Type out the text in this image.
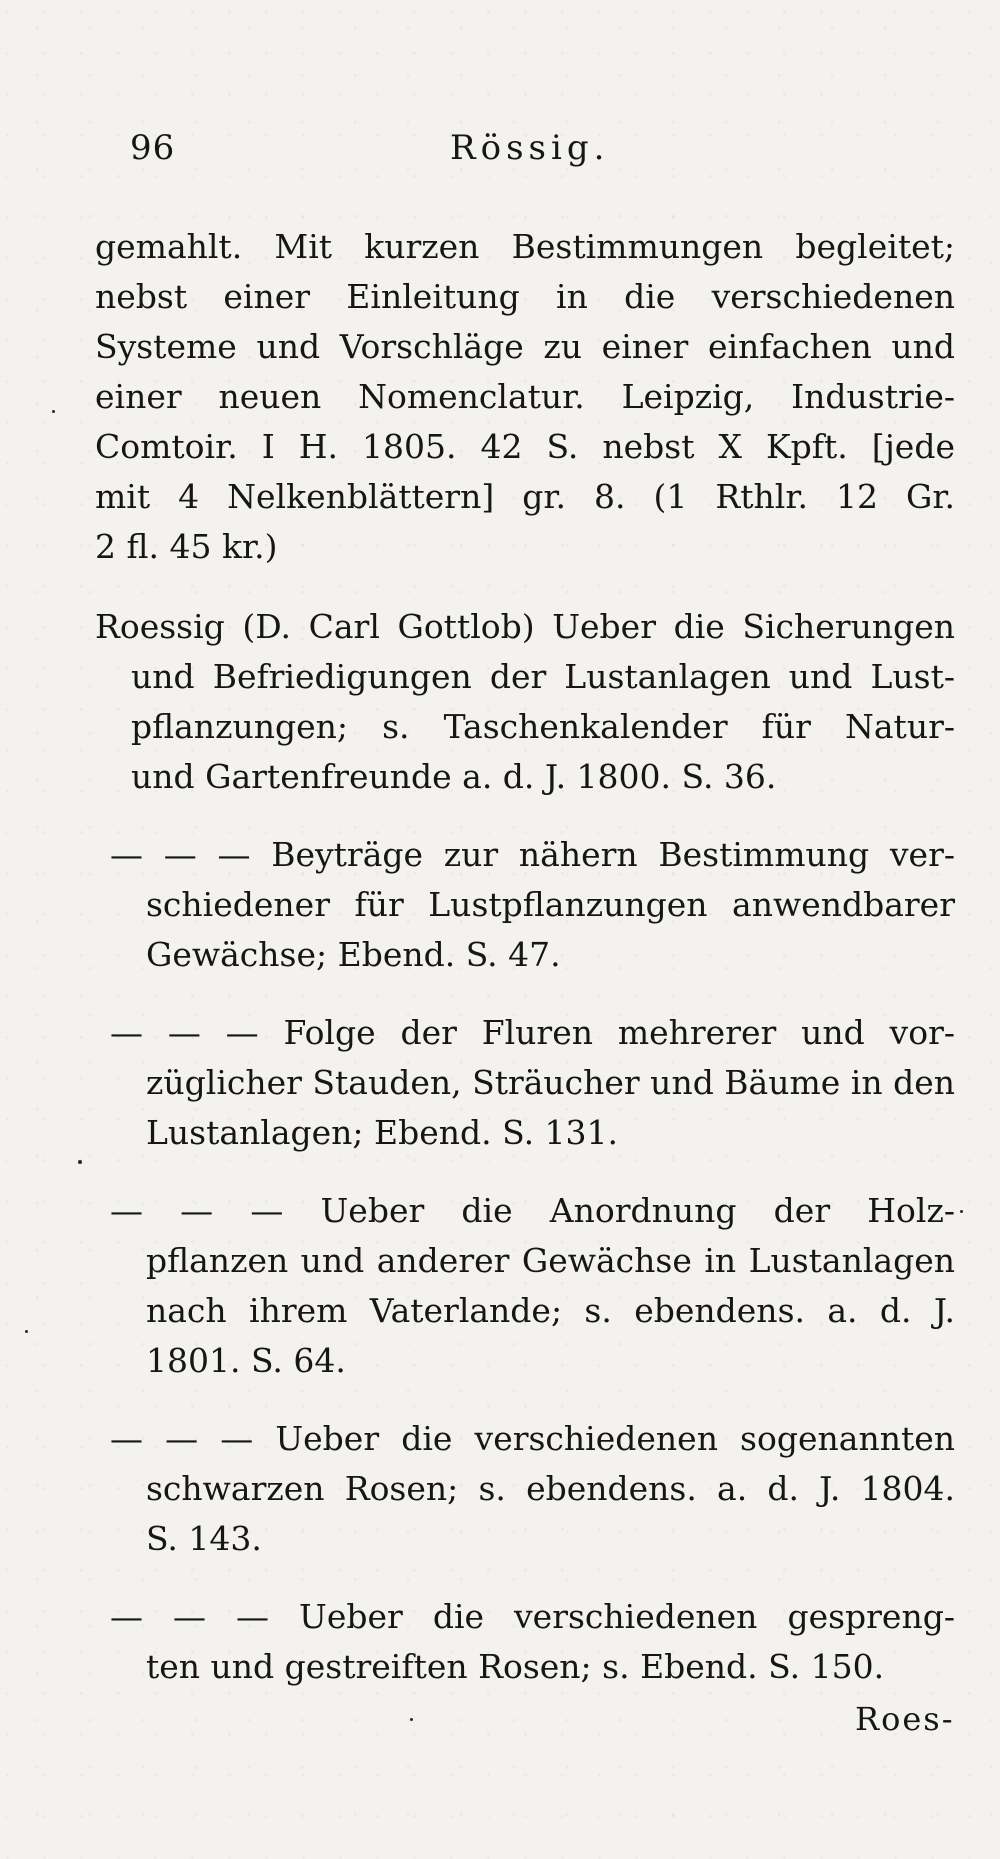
96	Rössig.
gemahlt. Mit kurzen Bestimmungen begleitet;
nebst einer Einleitung in die verschiedenen
Systeme und Vorschläge zu einer einfachen und
einer neuen Nomenclatur. Leipzig, Industrie-
Comtoir. I H. 1805. 42 S. nebst X Kpft. [jede
mit 4 Nelkenblättern] gr. 8. (1 Rthlr. 12 Gr.
2 fl. 45 kr.)
Roessig (D. Carl Gottlob) Ueber die Sicherungen
und Befriedigungen der Lustanlagen und Lust-
pflanzungen; s. Taschenkalender für Natur-
und Gartenfreunde a. d. J. 1800. S. 36.
— — — Beyträge zur nähern Bestimmung ver-
schiedener für Lustpflanzungen anwendbarer
Gewächse; Ebend. S. 47.
— — — Folge der Fluren mehrerer und vor-
züglicher Stauden, Sträucher und Bäume in den
Lustanlagen; Ebend. S. 131.
— — — Ueber die Anordnung der Holz-
pflanzen und anderer Gewächse in Lustanlagen
nach ihrem Vaterlande; s. ebendens. a. d. J.
1801. S. 64.
— — — Ueber die verschiedenen sogenannten
schwarzen Rosen; s. ebendens. a. d. J. 1804.
S. 143.
— — — Ueber die verschiedenen gespreng-
ten und gestreiften Rosen; s. Ebend. S. 150.
Roes-
